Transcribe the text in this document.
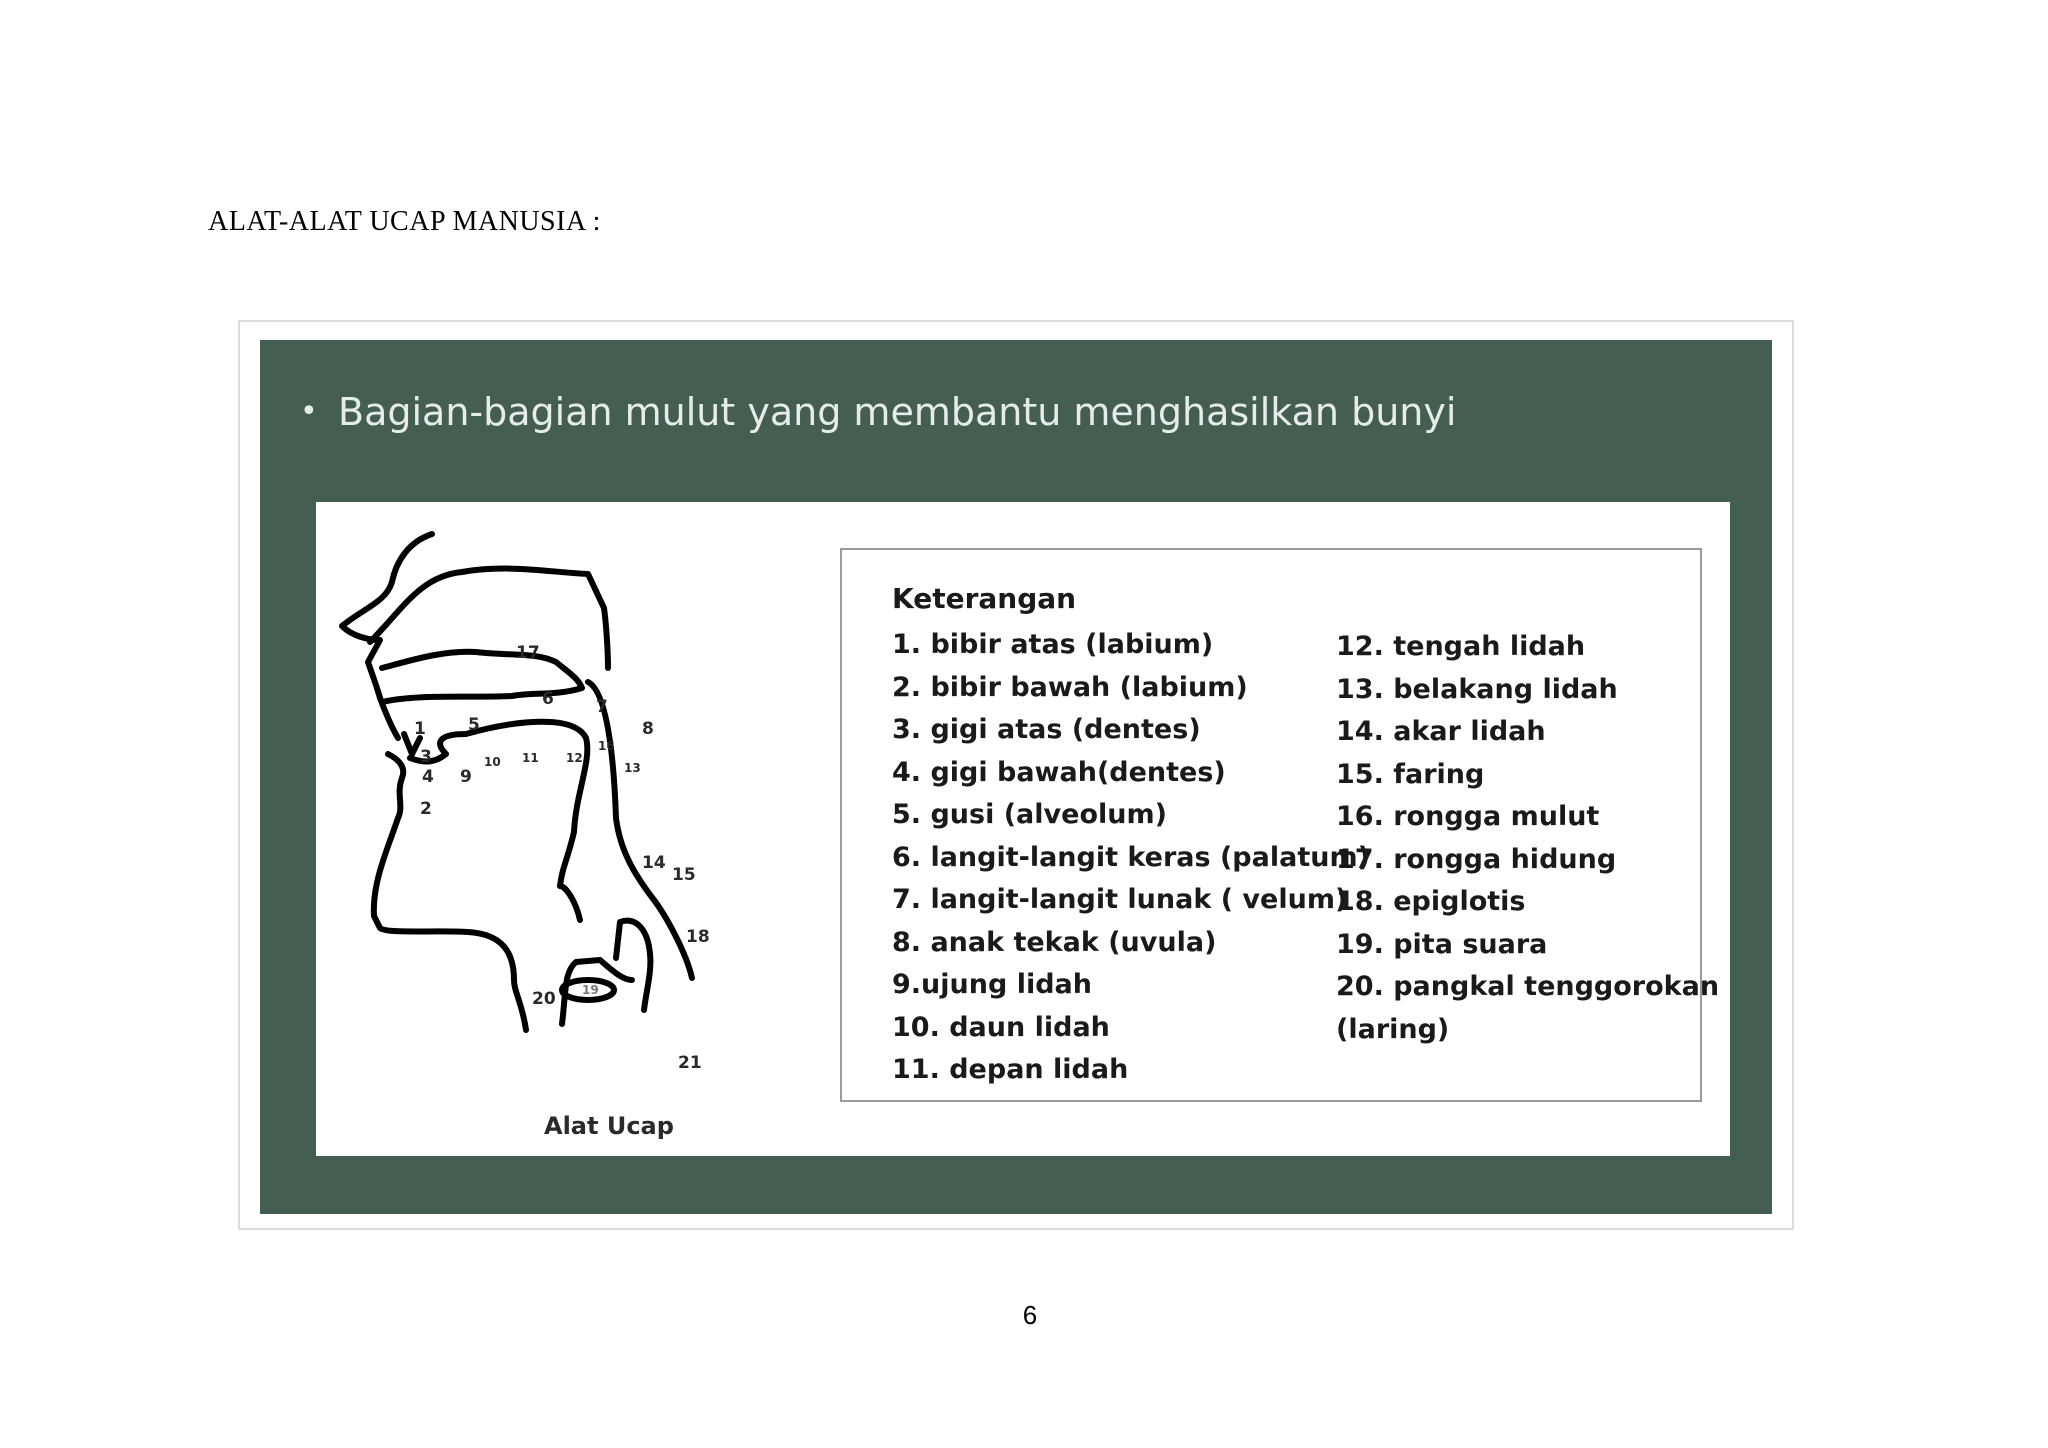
ALAT-ALAT UCAP MANUSIA :
• Bagian-bagian mulut yang membantu menghasilkan bunyi
17
6 7
8
1 5
3
4 9
2
14
15
18
20
21
10 11 12
16
13
19
Alat Ucap
Keterangan
1. bibir atas (labium)
2. bibir bawah (labium)
3. gigi atas (dentes)
4. gigi bawah(dentes)
5. gusi (alveolum)
6. langit-langit keras (palatum)
7. langit-langit lunak ( velum)
8. anak tekak (uvula)
9.ujung lidah
10. daun lidah
11. depan lidah
12. tengah lidah
13. belakang lidah
14. akar lidah
15. faring
16. rongga mulut
17. rongga hidung
18. epiglotis
19. pita suara
20. pangkal tenggorokan
(laring)
6
